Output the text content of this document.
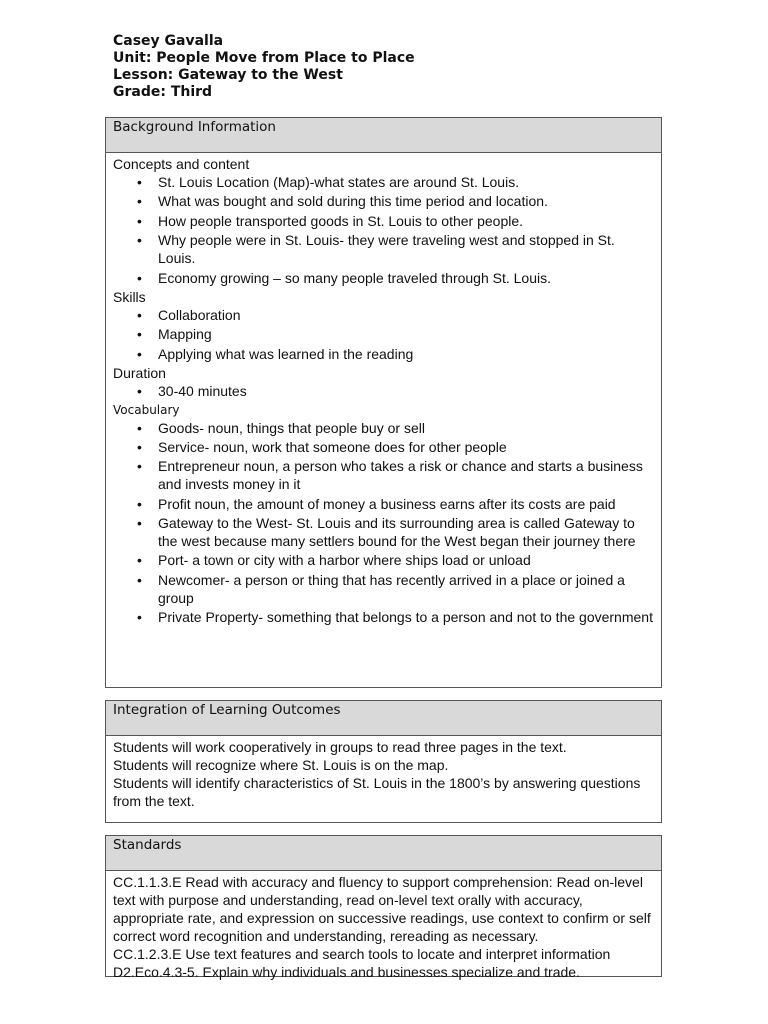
Casey Gavalla
Unit: People Move from Place to Place
Lesson: Gateway to the West
Grade: Third
Background Information
Concepts and content
• St. Louis Location (Map)-what states are around St. Louis.
• What was bought and sold during this time period and location.
• How people transported goods in St. Louis to other people.
• Why people were in St. Louis- they were traveling west and stopped in St. Louis.
• Economy growing – so many people traveled through St. Louis.
Skills
• Collaboration
• Mapping
• Applying what was learned in the reading
Duration
• 30-40 minutes
Vocabulary
• Goods- noun, things that people buy or sell
• Service- noun, work that someone does for other people
• Entrepreneur noun, a person who takes a risk or chance and starts a business and invests money in it
• Profit noun, the amount of money a business earns after its costs are paid
• Gateway to the West- St. Louis and its surrounding area is called Gateway to the west because many settlers bound for the West began their journey there
• Port- a town or city with a harbor where ships load or unload
• Newcomer- a person or thing that has recently arrived in a place or joined a group
• Private Property- something that belongs to a person and not to the government
Integration of Learning Outcomes
Students will work cooperatively in groups to read three pages in the text.
Students will recognize where St. Louis is on the map.
Students will identify characteristics of St. Louis in the 1800’s by answering questions from the text.
Standards
CC.1.1.3.E Read with accuracy and fluency to support comprehension: Read on-level text with purpose and understanding, read on-level text orally with accuracy, appropriate rate, and expression on successive readings, use context to confirm or self correct word recognition and understanding, rereading as necessary.
CC.1.2.3.E Use text features and search tools to locate and interpret information
D2.Eco.4.3-5. Explain why individuals and businesses specialize and trade.
